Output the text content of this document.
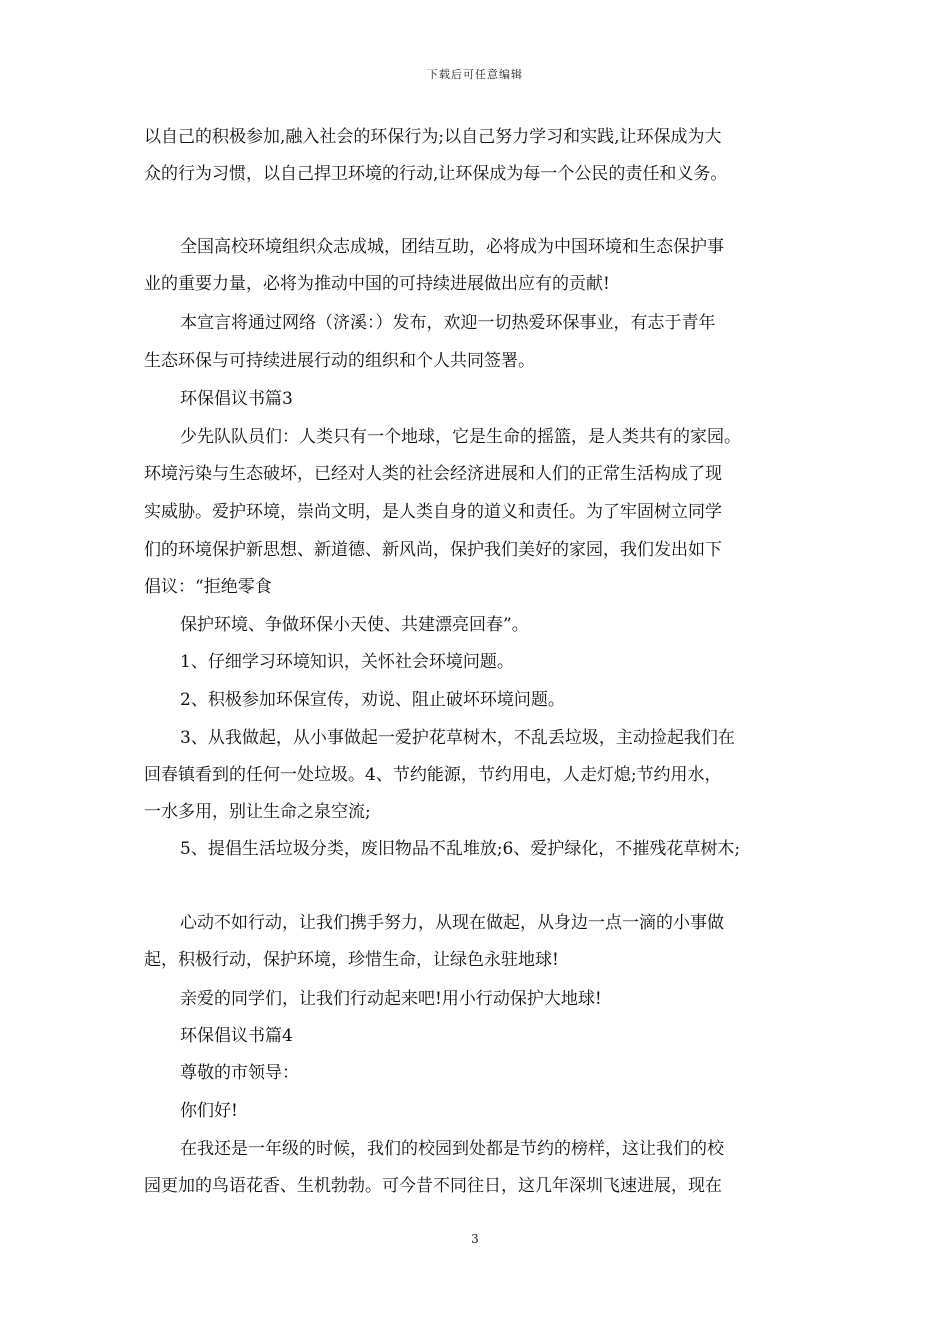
下载后可任意编辑
以自己的积极参加,融入社会的环保行为;以自己努力学习和实践,让环保成为大
众的行为习惯，以自己捍卫环境的行动,让环保成为每一个公民的责任和义务。
全国高校环境组织众志成城，团结互助，必将成为中国环境和生态保护事
业的重要力量，必将为推动中国的可持续进展做出应有的贡献!
本宣言将通过网络（济溪：）发布，欢迎一切热爱环保事业，有志于青年
生态环保与可持续进展行动的组织和个人共同签署。
环保倡议书篇3
少先队队员们：人类只有一个地球，它是生命的摇篮，是人类共有的家园。
环境污染与生态破坏，已经对人类的社会经济进展和人们的正常生活构成了现
实威胁。爱护环境，崇尚文明，是人类自身的道义和责任。为了牢固树立同学
们的环境保护新思想、新道德、新风尚，保护我们美好的家园，我们发出如下
倡议：“拒绝零食
保护环境、争做环保小天使、共建漂亮回春”。
1、仔细学习环境知识，关怀社会环境问题。
2、积极参加环保宣传，劝说、阻止破坏环境问题。
3、从我做起，从小事做起一爱护花草树木，不乱丢垃圾，主动捡起我们在
回春镇看到的任何一处垃圾。4、节约能源，节约用电，人走灯熄;节约用水，
一水多用，别让生命之泉空流;
5、提倡生活垃圾分类，废旧物品不乱堆放;6、爱护绿化，不摧残花草树木;
心动不如行动，让我们携手努力，从现在做起，从身边一点一滴的小事做
起，积极行动，保护环境，珍惜生命，让绿色永驻地球!
亲爱的同学们，让我们行动起来吧!用小行动保护大地球!
环保倡议书篇4
尊敬的市领导：
你们好!
在我还是一年级的时候，我们的校园到处都是节约的榜样，这让我们的校
园更加的鸟语花香、生机勃勃。可今昔不同往日，这几年深圳飞速进展，现在
3
